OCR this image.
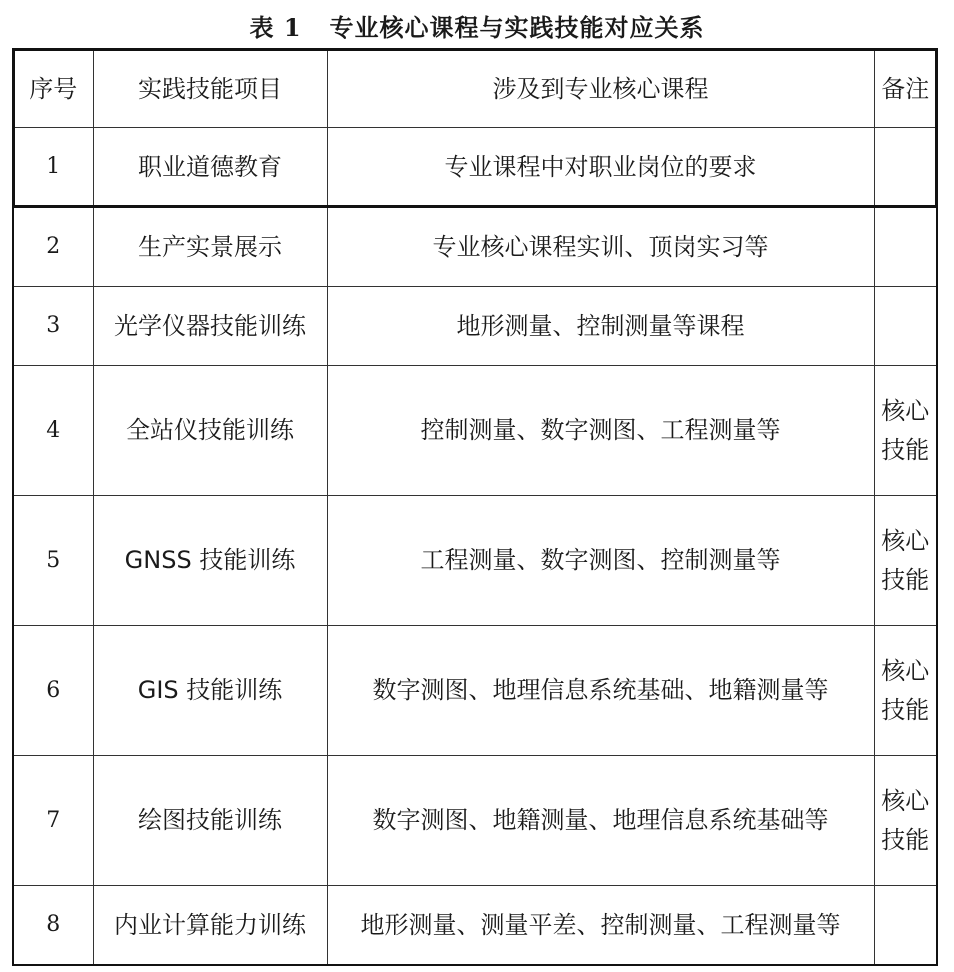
表 1 专业核心课程与实践技能对应关系
序号	实践技能项目	涉及到专业核心课程	备注
1	职业道德教育	专业课程中对职业岗位的要求	
2	生产实景展示	专业核心课程实训、顶岗实习等	
3	光学仪器技能训练	地形测量、控制测量等课程	
4	全站仪技能训练	控制测量、数字测图、工程测量等	核心
技能

5	GNSS 技能训练	工程测量、数字测图、控制测量等	核心
技能

6	GIS 技能训练	数字测图、地理信息系统基础、地籍测量等	核心
技能

7	绘图技能训练	数字测图、地籍测量、地理信息系统基础等	核心
技能

8	内业计算能力训练	地形测量、测量平差、控制测量、工程测量等	
